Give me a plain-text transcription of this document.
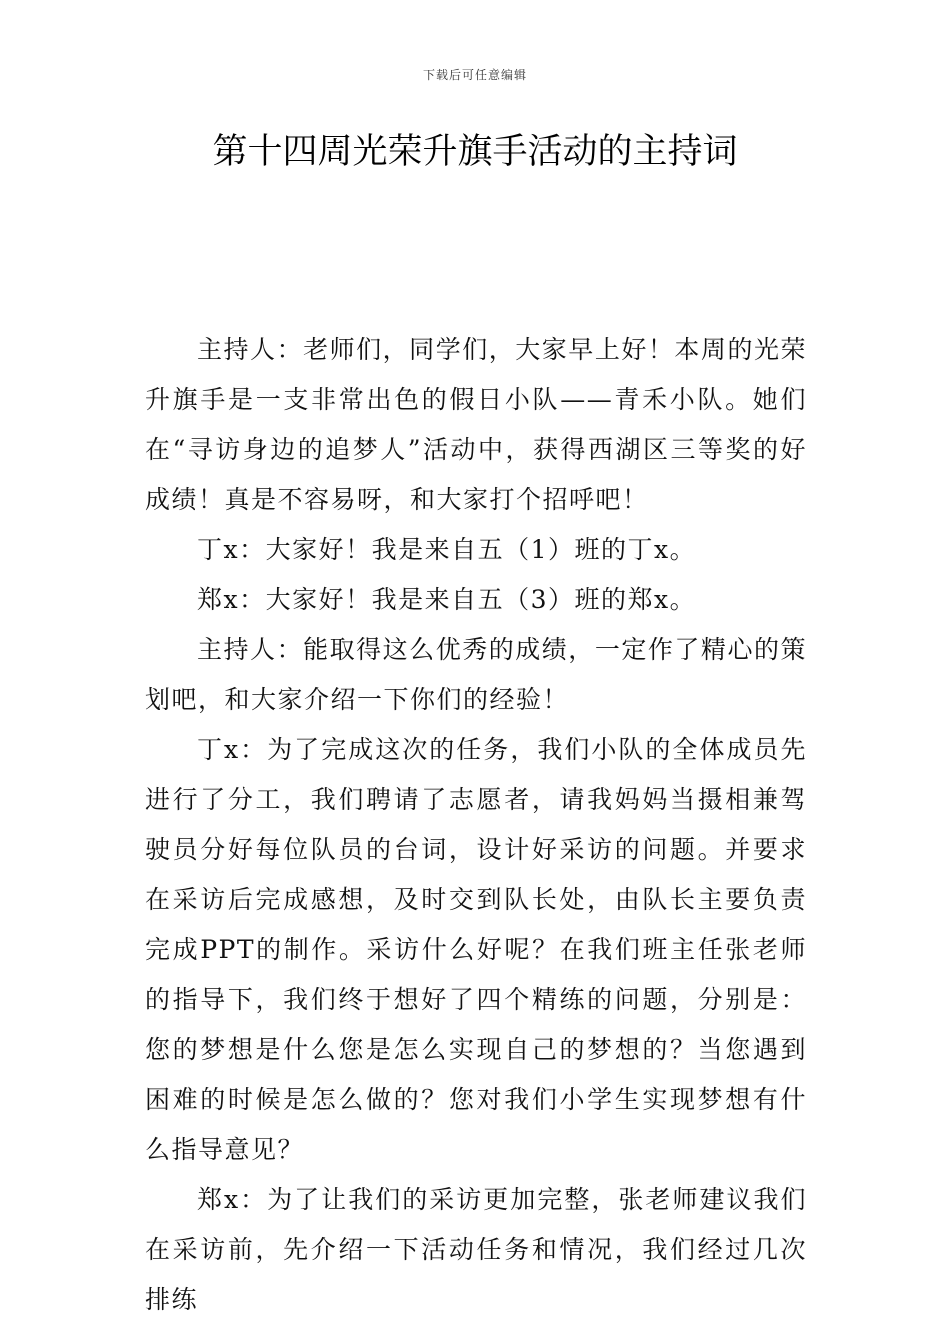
下载后可任意编辑
第十四周光荣升旗手活动的主持词

主持人：老师们，同学们，大家早上好！本周的光荣升旗手是一支非常出色的假日小队——青禾小队。她们在“寻访身边的追梦人”活动中，获得西湖区三等奖的好成绩！真是不容易呀，和大家打个招呼吧！

丁x：大家好！我是来自五（1）班的丁x。

郑x：大家好！我是来自五（3）班的郑x。

主持人：能取得这么优秀的成绩，一定作了精心的策划吧，和大家介绍一下你们的经验！

丁x：为了完成这次的任务，我们小队的全体成员先进行了分工，我们聘请了志愿者，请我妈妈当摄相兼驾驶员分好每位队员的台词，设计好采访的问题。并要求在采访后完成感想，及时交到队长处，由队长主要负责完成PPT的制作。采访什么好呢？在我们班主任张老师的指导下，我们终于想好了四个精练的问题，分别是：您的梦想是什么您是怎么实现自己的梦想的？当您遇到困难的时候是怎么做的？您对我们小学生实现梦想有什么指导意见？

郑x：为了让我们的采访更加完整，张老师建议我们在采访前，先介绍一下活动任务和情况，我们经过几次排练
